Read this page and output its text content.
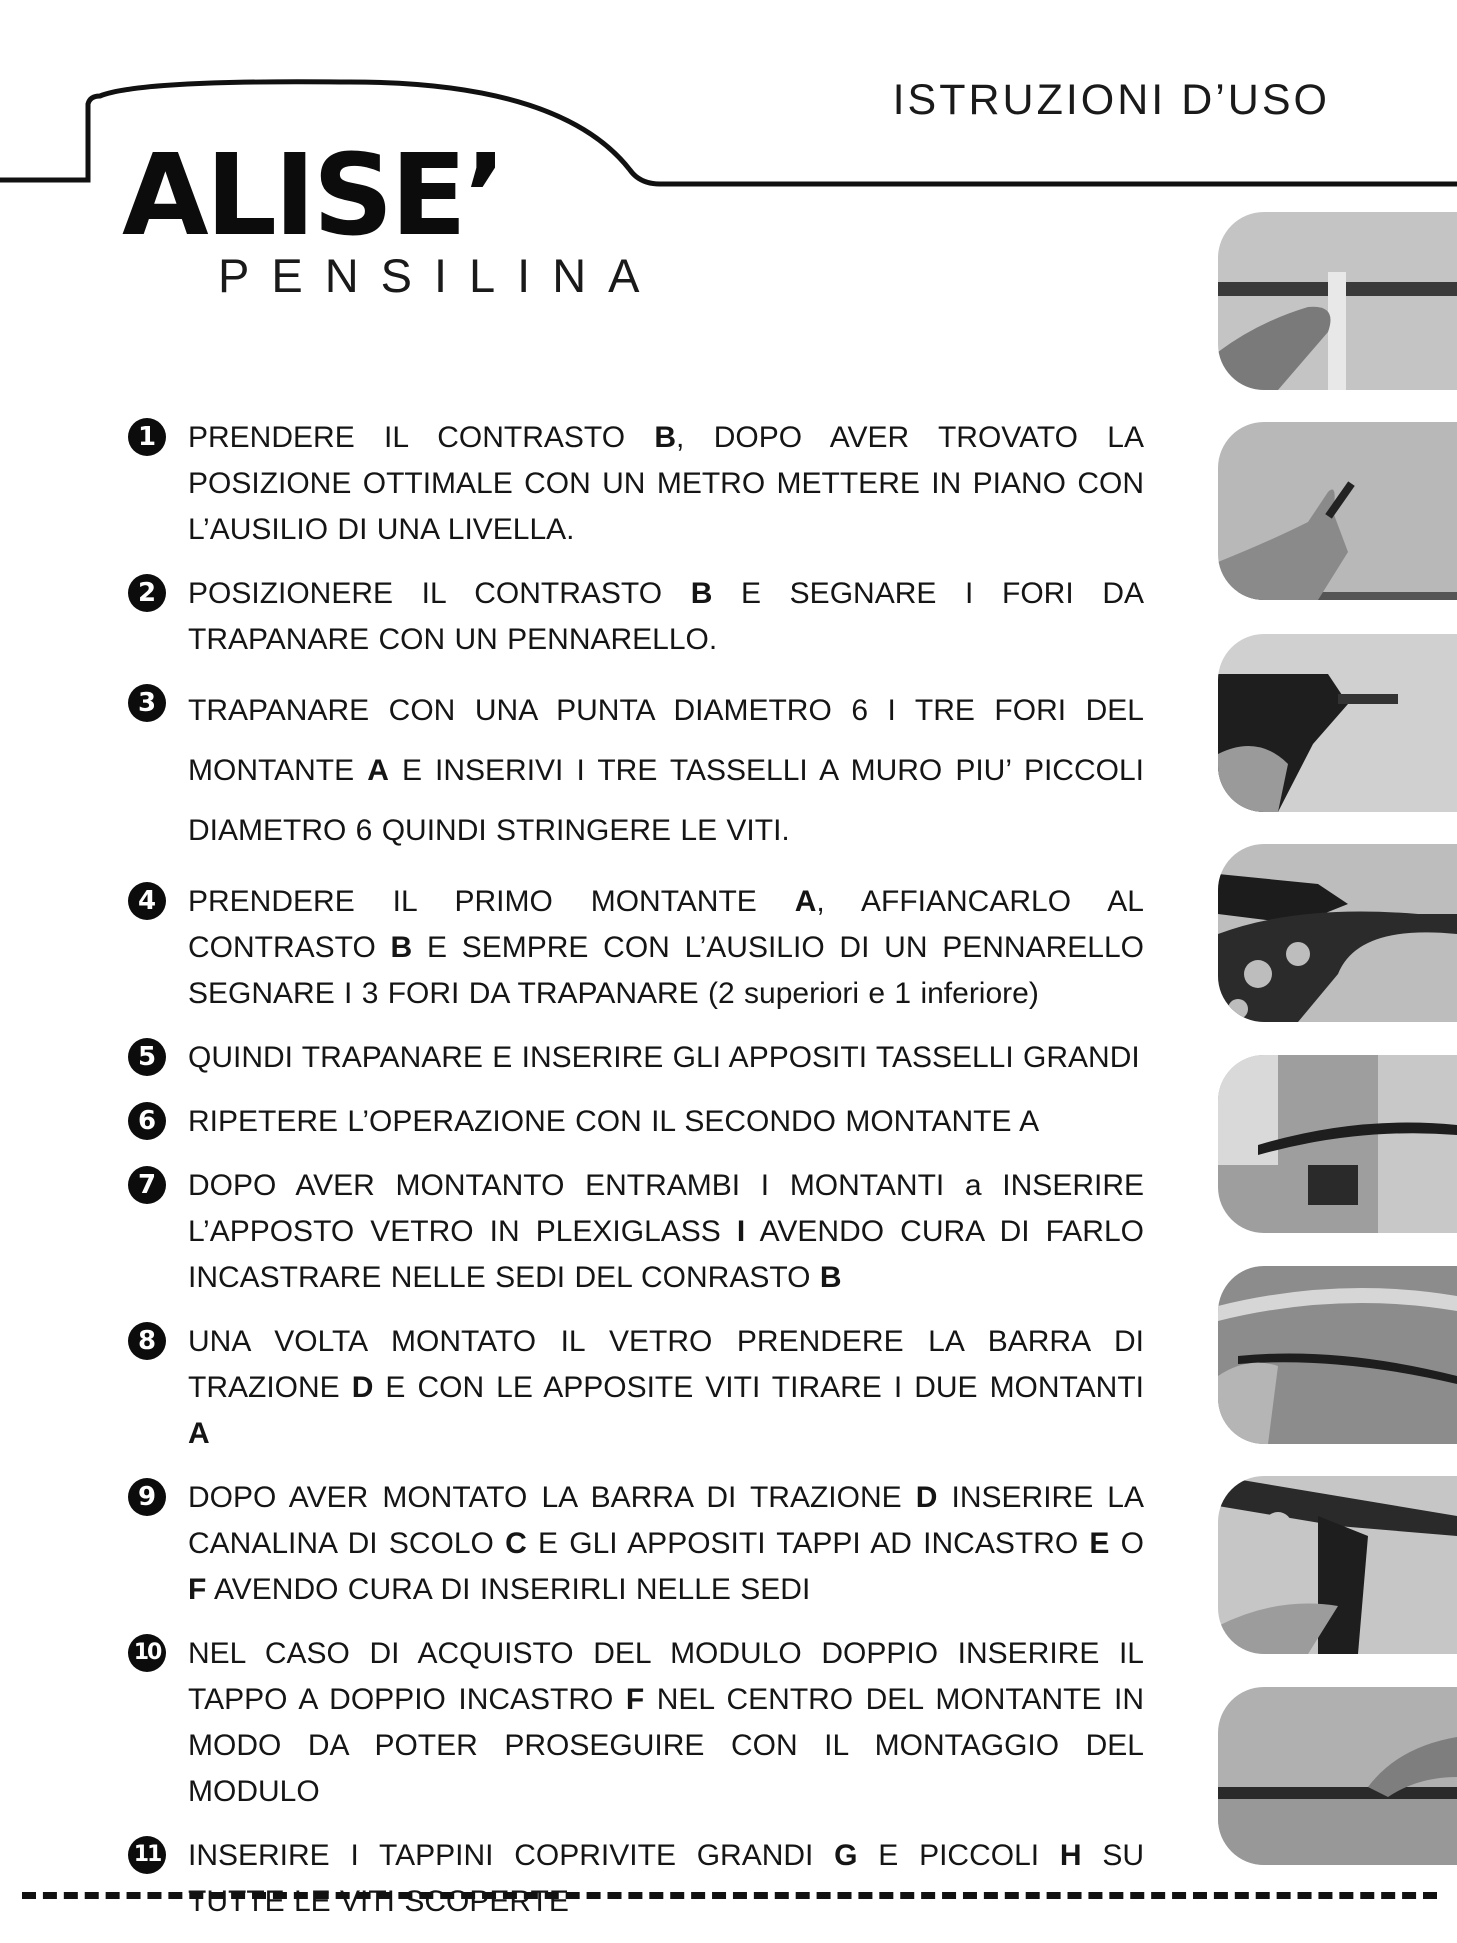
ISTRUZIONI D’USO
ALISE’
PENSILINA
1	PRENDERE IL CONTRASTO B, DOPO AVER TROVATO LA POSIZIONE OTTIMALE CON UN METRO METTERE IN PIANO CON L’AUSILIO DI UNA LIVELLA.
2	POSIZIONERE IL CONTRASTO B E SEGNARE I FORI DA TRAPANARE CON UN PENNARELLO.
3	TRAPANARE CON UNA PUNTA DIAMETRO 6 I TRE FORI DEL MONTANTE A E INSERIVI I TRE TASSELLI A MURO PIU’ PICCOLI DIAMETRO 6 QUINDI STRINGERE LE VITI.
4	PRENDERE IL PRIMO MONTANTE A, AFFIANCARLO AL CONTRASTO B E SEMPRE CON L’AUSILIO DI UN PENNARELLO SEGNARE I 3 FORI DA TRAPANARE (2 superiori e 1 inferiore)
5	QUINDI TRAPANARE E INSERIRE GLI APPOSITI TASSELLI GRANDI
6	RIPETERE L’OPERAZIONE CON IL SECONDO MONTANTE A
7	DOPO AVER MONTANTO ENTRAMBI I MONTANTI a INSERIRE L’APPOSTO VETRO IN PLEXIGLASS I AVENDO CURA DI FARLO INCASTRARE NELLE SEDI DEL CONRASTO B
8	UNA VOLTA MONTATO IL VETRO PRENDERE LA BARRA DI TRAZIONE D E CON LE APPOSITE VITI TIRARE I DUE MONTANTI A
9	DOPO AVER MONTATO LA BARRA DI TRAZIONE D INSERIRE LA CANALINA DI SCOLO C E GLI APPOSITI TAPPI AD INCASTRO E O F AVENDO CURA DI INSERIRLI NELLE SEDI
10 NEL CASO DI ACQUISTO DEL MODULO DOPPIO INSERIRE IL TAPPO A DOPPIO INCASTRO F NEL CENTRO DEL MONTANTE IN MODO DA POTER PROSEGUIRE CON IL MONTAGGIO DEL MODULO
11 INSERIRE I TAPPINI COPRIVITE GRANDI G E PICCOLI H SU TUTTE LE VITI SCOPERTE
